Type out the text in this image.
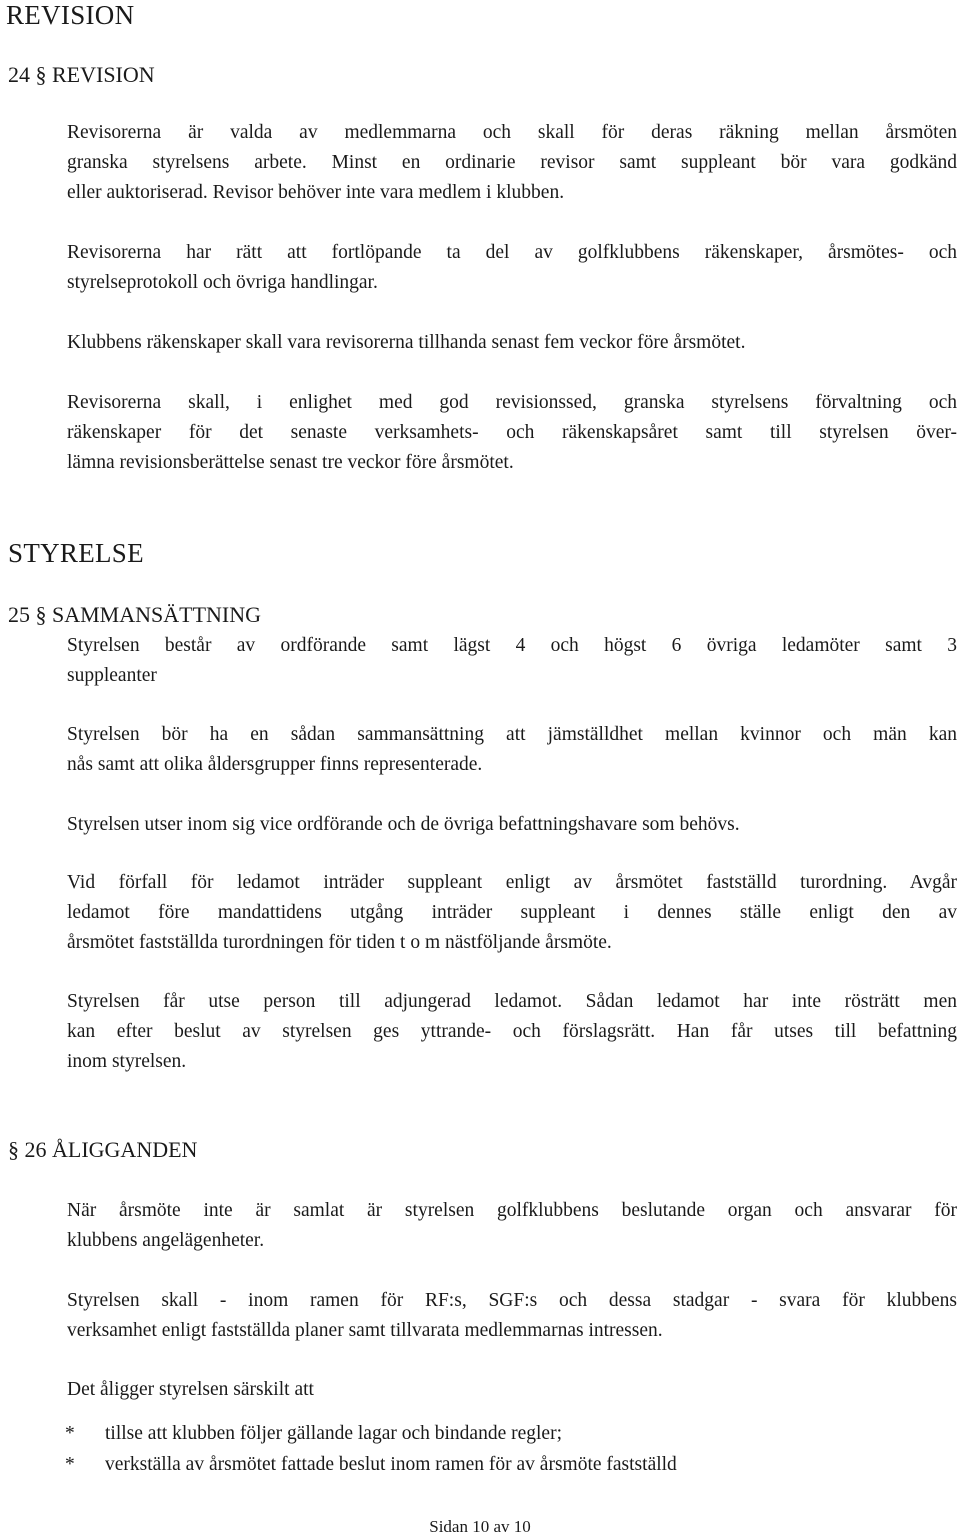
REVISION
24 § REVISION
Revisorerna är valda av medlemmarna och skall för deras räkning mellan årsmöten
granska styrelsens arbete. Minst en ordinarie revisor samt suppleant bör vara godkänd
eller auktoriserad. Revisor behöver inte vara medlem i klubben.
Revisorerna har rätt att fortlöpande ta del av golfklubbens räkenskaper, årsmötes- och
styrelseprotokoll och övriga handlingar.
Klubbens räkenskaper skall vara revisorerna tillhanda senast fem veckor före årsmötet.
Revisorerna skall, i enlighet med god revisionssed, granska styrelsens förvaltning och
räkenskaper för det senaste verksamhets- och räkenskapsåret samt till styrelsen över-
lämna revisionsberättelse senast tre veckor före årsmötet.
STYRELSE
25 § SAMMANSÄTTNING
Styrelsen består av ordförande samt lägst 4 och högst 6 övriga ledamöter samt 3
suppleanter
Styrelsen bör ha en sådan sammansättning att jämställdhet mellan kvinnor och män kan
nås samt att olika åldersgrupper finns representerade.
Styrelsen utser inom sig vice ordförande och de övriga befattningshavare som behövs.
Vid förfall för ledamot inträder suppleant enligt av årsmötet fastställd turordning. Avgår
ledamot före mandattidens utgång inträder suppleant i dennes ställe enligt den av
årsmötet fastställda turordningen för tiden t o m nästföljande årsmöte.
Styrelsen får utse person till adjungerad ledamot. Sådan ledamot har inte rösträtt men
kan efter beslut av styrelsen ges yttrande- och förslagsrätt. Han får utses till befattning
inom styrelsen.
§ 26 ÅLIGGANDEN
När årsmöte inte är samlat är styrelsen golfklubbens beslutande organ och ansvarar för
klubbens angelägenheter.
Styrelsen skall - inom ramen för RF:s, SGF:s och dessa stadgar - svara för klubbens
verksamhet enligt fastställda planer samt tillvarata medlemmarnas intressen.
Det åligger styrelsen särskilt att
* tillse att klubben följer gällande lagar och bindande regler;
* verkställa av årsmötet fattade beslut inom ramen för av årsmöte fastställd
Sidan 10 av 10
